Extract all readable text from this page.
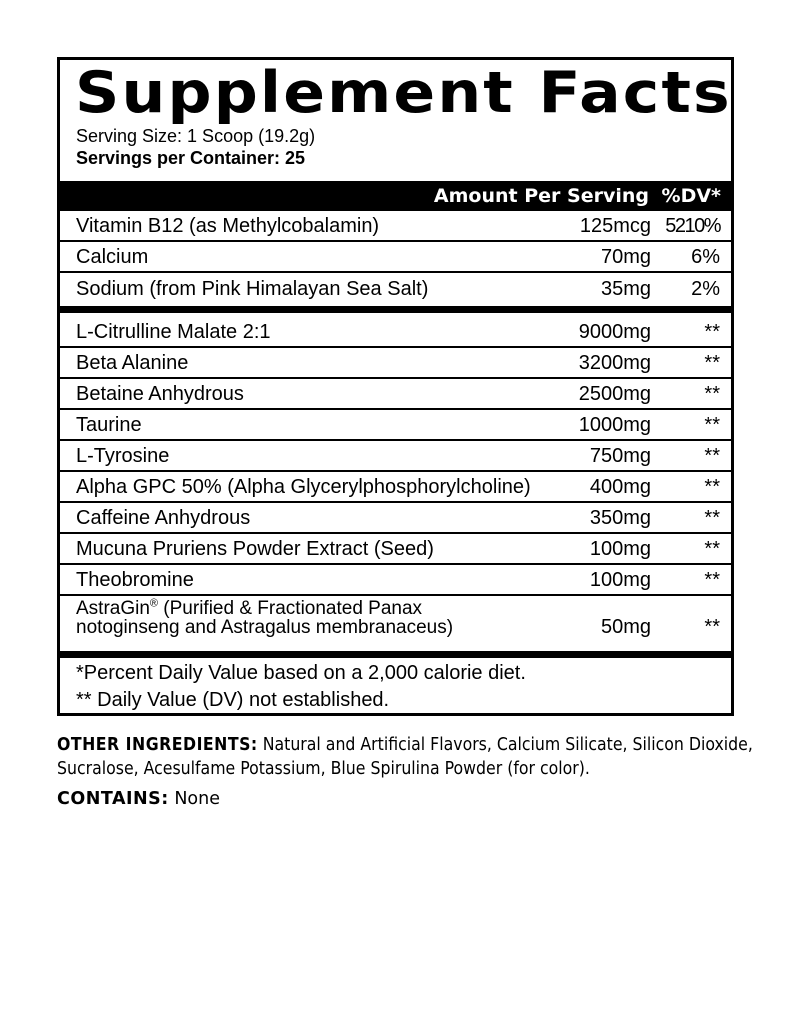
Supplement Facts
Serving Size: 1 Scoop (19.2g)
Servings per Container: 25
Amount Per Serving %DV*
Vitamin B12 (as Methylcobalamin)	125mcg 5210%
Calcium	70mg 6%
Sodium (from Pink Himalayan Sea Salt)	35mg 2%
L-Citrulline Malate 2:1	9000mg	**
Beta Alanine	3200mg	**
Betaine Anhydrous	2500mg	**
Taurine	1000mg	**
L-Tyrosine	750mg	**
Alpha GPC 50% (Alpha Glycerylphosphorylcholine)	400mg	**
Caffeine Anhydrous	350mg	**
Mucuna Pruriens Powder Extract (Seed)	100mg	**
Theobromine	100mg	**
AstraGin® (Purified & Fractionated Panax notoginseng and Astragalus membranaceus)	50mg	**
*Percent Daily Value based on a 2,000 calorie diet.
** Daily Value (DV) not established.
OTHER INGREDIENTS: Natural and Artificial Flavors, Calcium Silicate, Silicon Dioxide, Sucralose, Acesulfame Potassium, Blue Spirulina Powder (for color).
CONTAINS: None
